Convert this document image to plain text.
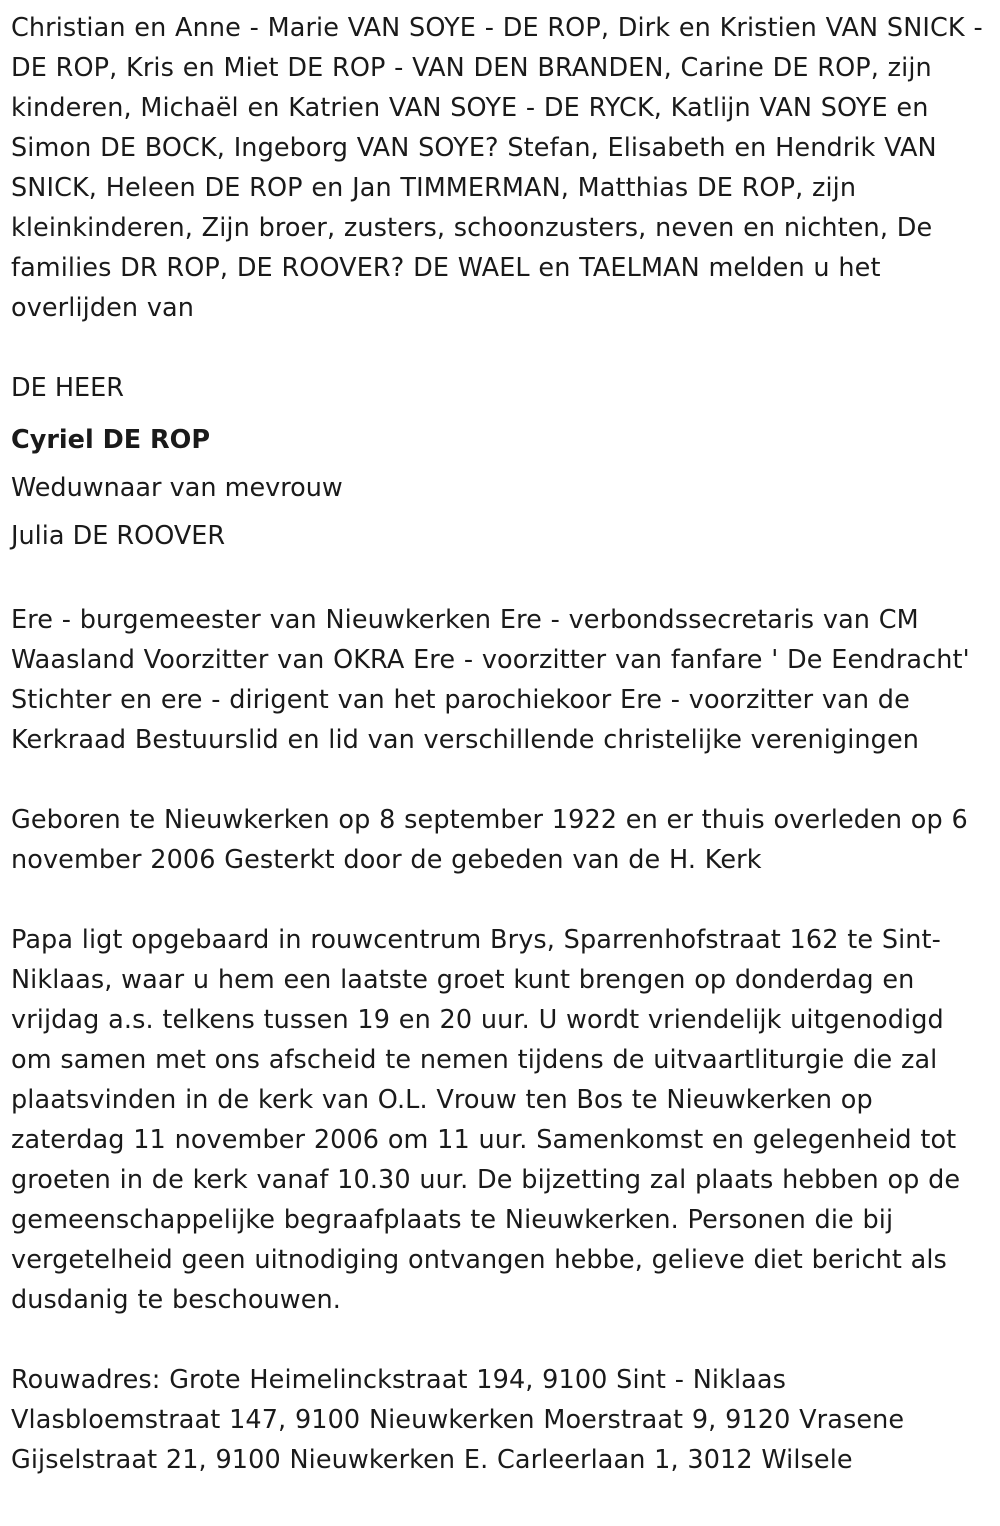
Christian en Anne - Marie VAN SOYE - DE ROP, Dirk en Kristien VAN SNICK - DE ROP, Kris en Miet DE ROP - VAN DEN BRANDEN, Carine DE ROP, zijn kinderen, Michaël en Katrien VAN SOYE - DE RYCK, Katlijn VAN SOYE en Simon DE BOCK, Ingeborg VAN SOYE? Stefan, Elisabeth en Hendrik VAN SNICK, Heleen DE ROP en Jan TIMMERMAN, Matthias DE ROP, zijn kleinkinderen, Zijn broer, zusters, schoonzusters, neven en nichten, De families DR ROP, DE ROOVER? DE WAEL en TAELMAN melden u het overlijden van

DE HEER

Cyriel DE ROP

Weduwnaar van mevrouw

Julia DE ROOVER

Ere - burgemeester van Nieuwkerken Ere - verbondssecretaris van CM Waasland Voorzitter van OKRA Ere - voorzitter van fanfare ' De Eendracht' Stichter en ere - dirigent van het parochiekoor Ere - voorzitter van de Kerkraad Bestuurslid en lid van verschillende christelijke verenigingen

Geboren te Nieuwkerken op 8 september 1922 en er thuis overleden op 6 november 2006 Gesterkt door de gebeden van de H. Kerk

Papa ligt opgebaard in rouwcentrum Brys, Sparrenhofstraat 162 te Sint-Niklaas, waar u hem een laatste groet kunt brengen op donderdag en vrijdag a.s. telkens tussen 19 en 20 uur. U wordt vriendelijk uitgenodigd om samen met ons afscheid te nemen tijdens de uitvaartliturgie die zal plaatsvinden in de kerk van O.L. Vrouw ten Bos te Nieuwkerken op zaterdag 11 november 2006 om 11 uur. Samenkomst en gelegenheid tot groeten in de kerk vanaf 10.30 uur. De bijzetting zal plaats hebben op de gemeenschappelijke begraafplaats te Nieuwkerken. Personen die bij vergetelheid geen uitnodiging ontvangen hebbe, gelieve diet bericht als dusdanig te beschouwen.

Rouwadres: Grote Heimelinckstraat 194, 9100 Sint - Niklaas Vlasbloemstraat 147, 9100 Nieuwkerken Moerstraat 9, 9120 Vrasene Gijselstraat 21, 9100 Nieuwkerken E. Carleerlaan 1, 3012 Wilsele
